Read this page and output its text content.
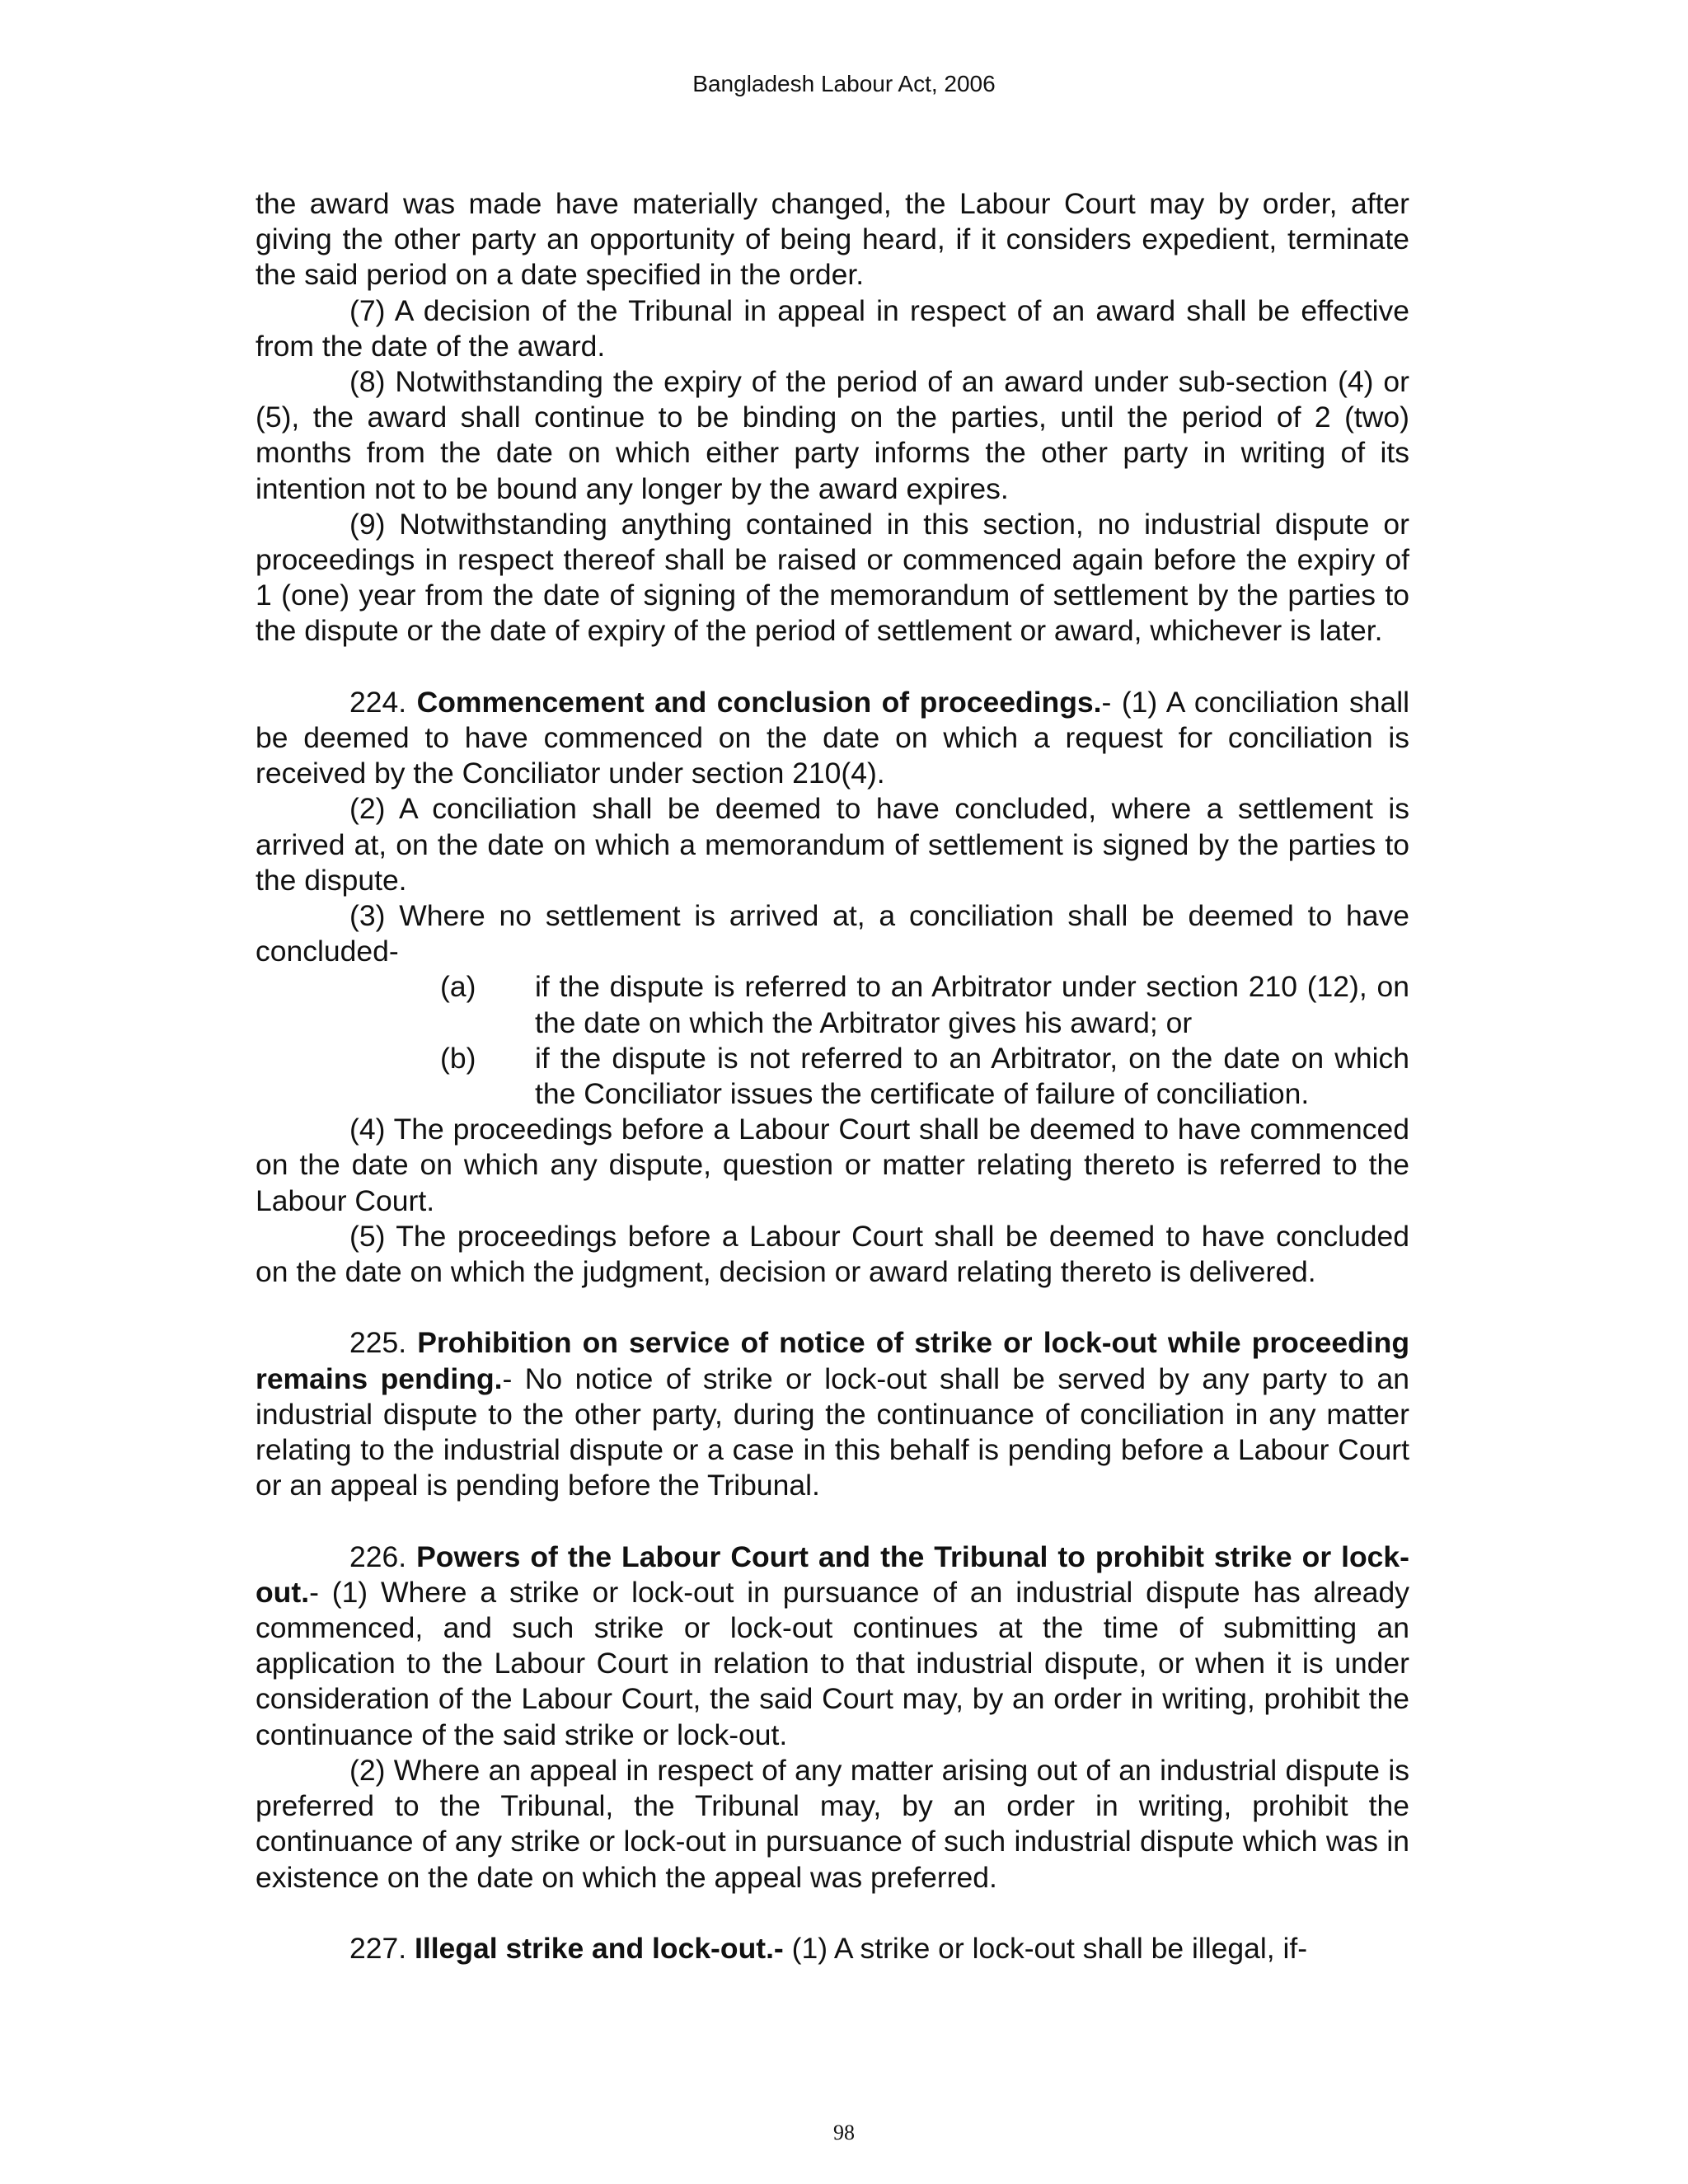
Bangladesh Labour Act, 2006

the award was made have materially changed, the Labour Court may by order, after giving the other party an opportunity of being heard, if it considers expedient, terminate the said period on a date specified in the order.

(7) A decision of the Tribunal in appeal in respect of an award shall be effective from the date of the award.

(8) Notwithstanding the expiry of the period of an award under sub-section (4) or (5), the award shall continue to be binding on the parties, until the period of 2 (two) months from the date on which either party informs the other party in writing of its intention not to be bound any longer by the award expires.

(9) Notwithstanding anything contained in this section, no industrial dispute or proceedings in respect thereof shall be raised or commenced again before the expiry of 1 (one) year from the date of signing of the memorandum of settlement by the parties to the dispute or the date of expiry of the period of settlement or award, whichever is later.

224. Commencement and conclusion of proceedings.- (1) A conciliation shall be deemed to have commenced on the date on which a request for conciliation is received by the Conciliator under section 210(4).

(2) A conciliation shall be deemed to have concluded, where a settlement is arrived at, on the date on which a memorandum of settlement is signed by the parties to the dispute.

(3) Where no settlement is arrived at, a conciliation shall be deemed to have concluded-

(a)	if the dispute is referred to an Arbitrator under section 210 (12), on the date on which the Arbitrator gives his award; or
(b)	if the dispute is not referred to an Arbitrator, on the date on which the Conciliator issues the certificate of failure of conciliation.

(4) The proceedings before a Labour Court shall be deemed to have commenced on the date on which any dispute, question or matter relating thereto is referred to the Labour Court.

(5) The proceedings before a Labour Court shall be deemed to have concluded on the date on which the judgment, decision or award relating thereto is delivered.

225. Prohibition on service of notice of strike or lock-out while proceeding remains pending.- No notice of strike or lock-out shall be served by any party to an industrial dispute to the other party, during the continuance of conciliation in any matter relating to the industrial dispute or a case in this behalf is pending before a Labour Court or an appeal is pending before the Tribunal.

226. Powers of the Labour Court and the Tribunal to prohibit strike or lock-out.- (1) Where a strike or lock-out in pursuance of an industrial dispute has already commenced, and such strike or lock-out continues at the time of submitting an application to the Labour Court in relation to that industrial dispute, or when it is under consideration of the Labour Court, the said Court may, by an order in writing, prohibit the continuance of the said strike or lock-out.

(2) Where an appeal in respect of any matter arising out of an industrial dispute is preferred to the Tribunal, the Tribunal may, by an order in writing, prohibit the continuance of any strike or lock-out in pursuance of such industrial dispute which was in existence on the date on which the appeal was preferred.

227. Illegal strike and lock-out.- (1) A strike or lock-out shall be illegal, if-

98
